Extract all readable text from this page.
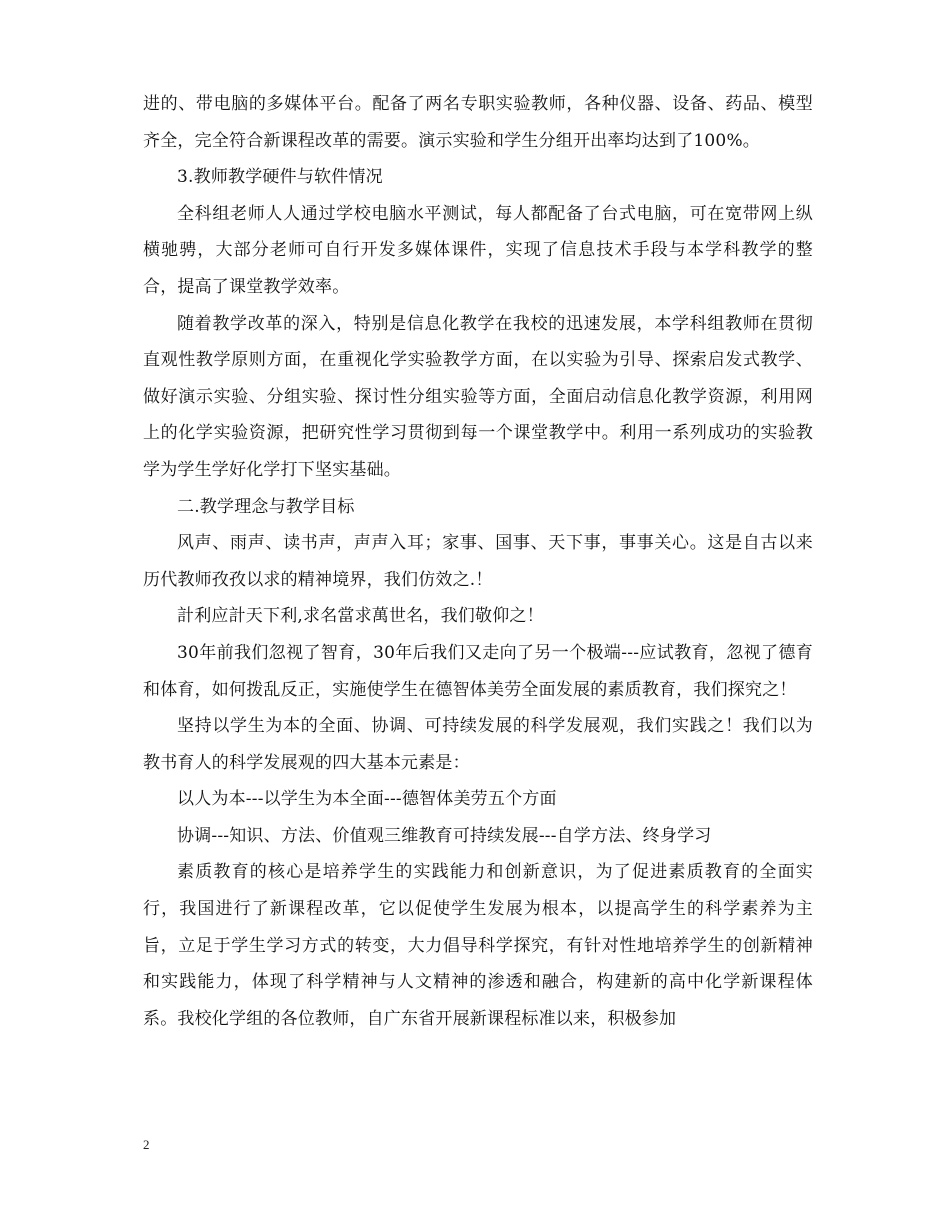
进的、带电脑的多媒体平台。配备了两名专职实验教师，各种仪器、设备、药品、模型齐全，完全符合新课程改革的需要。演示实验和学生分组开出率均达到了100%。

3.教师教学硬件与软件情况

全科组老师人人通过学校电脑水平测试，每人都配备了台式电脑，可在宽带网上纵横驰骋，大部分老师可自行开发多媒体课件，实现了信息技术手段与本学科教学的整合，提高了课堂教学效率。

随着教学改革的深入，特别是信息化教学在我校的迅速发展，本学科组教师在贯彻直观性教学原则方面，在重视化学实验教学方面，在以实验为引导、探索启发式教学、做好演示实验、分组实验、探讨性分组实验等方面，全面启动信息化教学资源，利用网上的化学实验资源，把研究性学习贯彻到每一个课堂教学中。利用一系列成功的实验教学为学生学好化学打下坚实基础。

二.教学理念与教学目标

风声、雨声、读书声，声声入耳；家事、国事、天下事，事事关心。这是自古以来历代教师孜孜以求的精神境界，我们仿效之.！

計利应計天下利,求名當求萬世名，我们敬仰之！

30年前我们忽视了智育，30年后我们又走向了另一个极端---应试教育，忽视了德育和体育，如何拨乱反正，实施使学生在德智体美劳全面发展的素质教育，我们探究之！

坚持以学生为本的全面、协调、可持续发展的科学发展观，我们实践之！我们以为教书育人的科学发展观的四大基本元素是：

以人为本---以学生为本全面---德智体美劳五个方面

协调---知识、方法、价值观三维教育可持续发展---自学方法、终身学习

素质教育的核心是培养学生的实践能力和创新意识，为了促进素质教育的全面实行，我国进行了新课程改革，它以促使学生发展为根本，以提高学生的科学素养为主旨，立足于学生学习方式的转变，大力倡导科学探究，有针对性地培养学生的创新精神和实践能力，体现了科学精神与人文精神的渗透和融合，构建新的高中化学新课程体系。我校化学组的各位教师，自广东省开展新课程标准以来，积极参加

2
